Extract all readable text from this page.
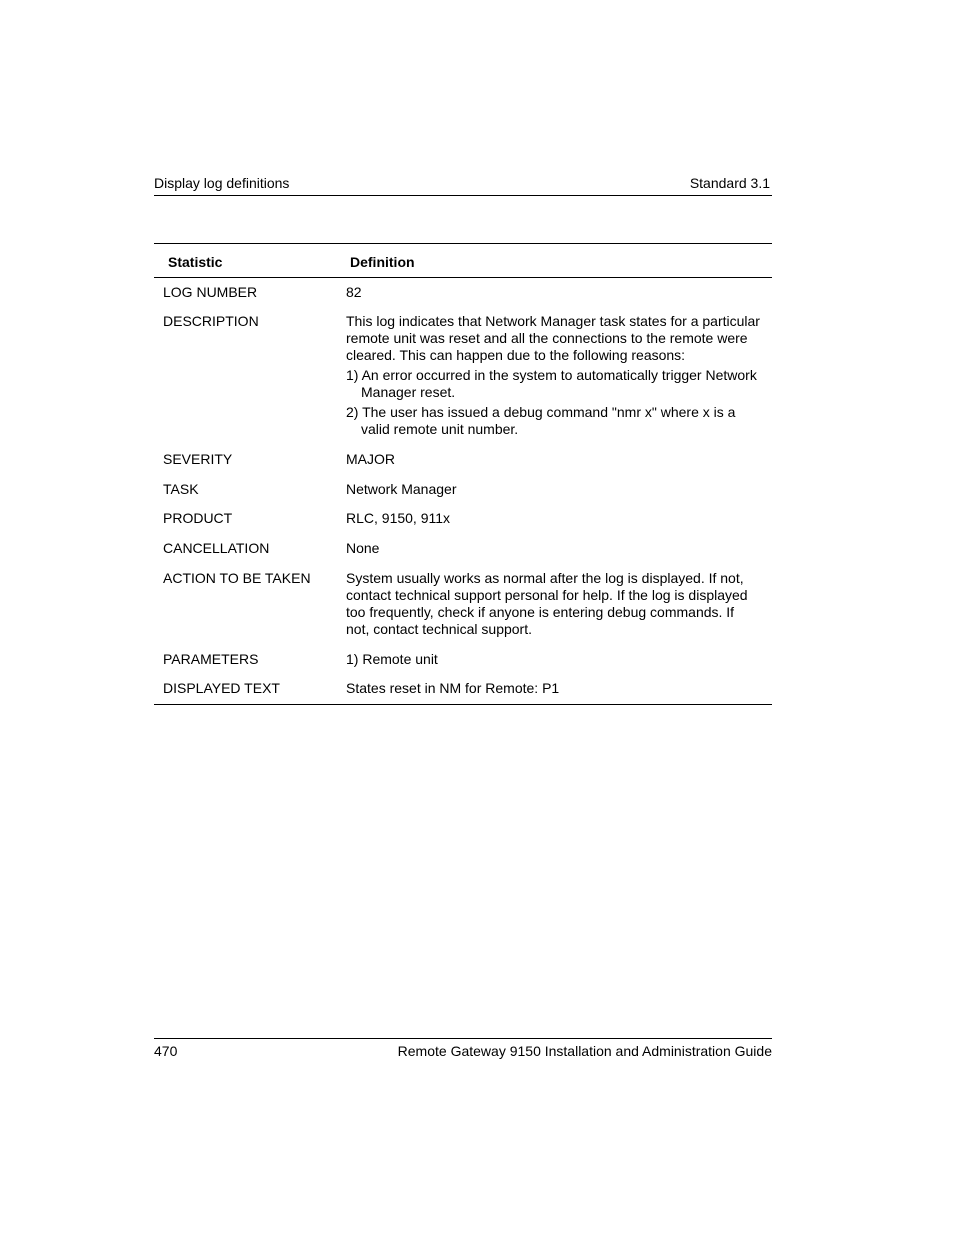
Display log definitions	Standard 3.1
Statistic	Definition
LOG NUMBER	82
DESCRIPTION	This log indicates that Network Manager task states for a particular remote unit was reset and all the connections to the remote were cleared. This can happen due to the following reasons:

1) An error occurred in the system to automatically trigger Network Manager reset.

2) The user has issued a debug command "nmr x" where x is a valid remote unit number.

SEVERITY	MAJOR
TASK	Network Manager
PRODUCT	RLC, 9150, 911x
CANCELLATION	None
ACTION TO BE TAKEN	System usually works as normal after the log is displayed. If not, contact technical support personal for help. If the log is displayed too frequently, check if anyone is entering debug commands. If not, contact technical support.
PARAMETERS	1) Remote unit
DISPLAYED TEXT	States reset in NM for Remote: P1
470	Remote Gateway 9150 Installation and Administration Guide
